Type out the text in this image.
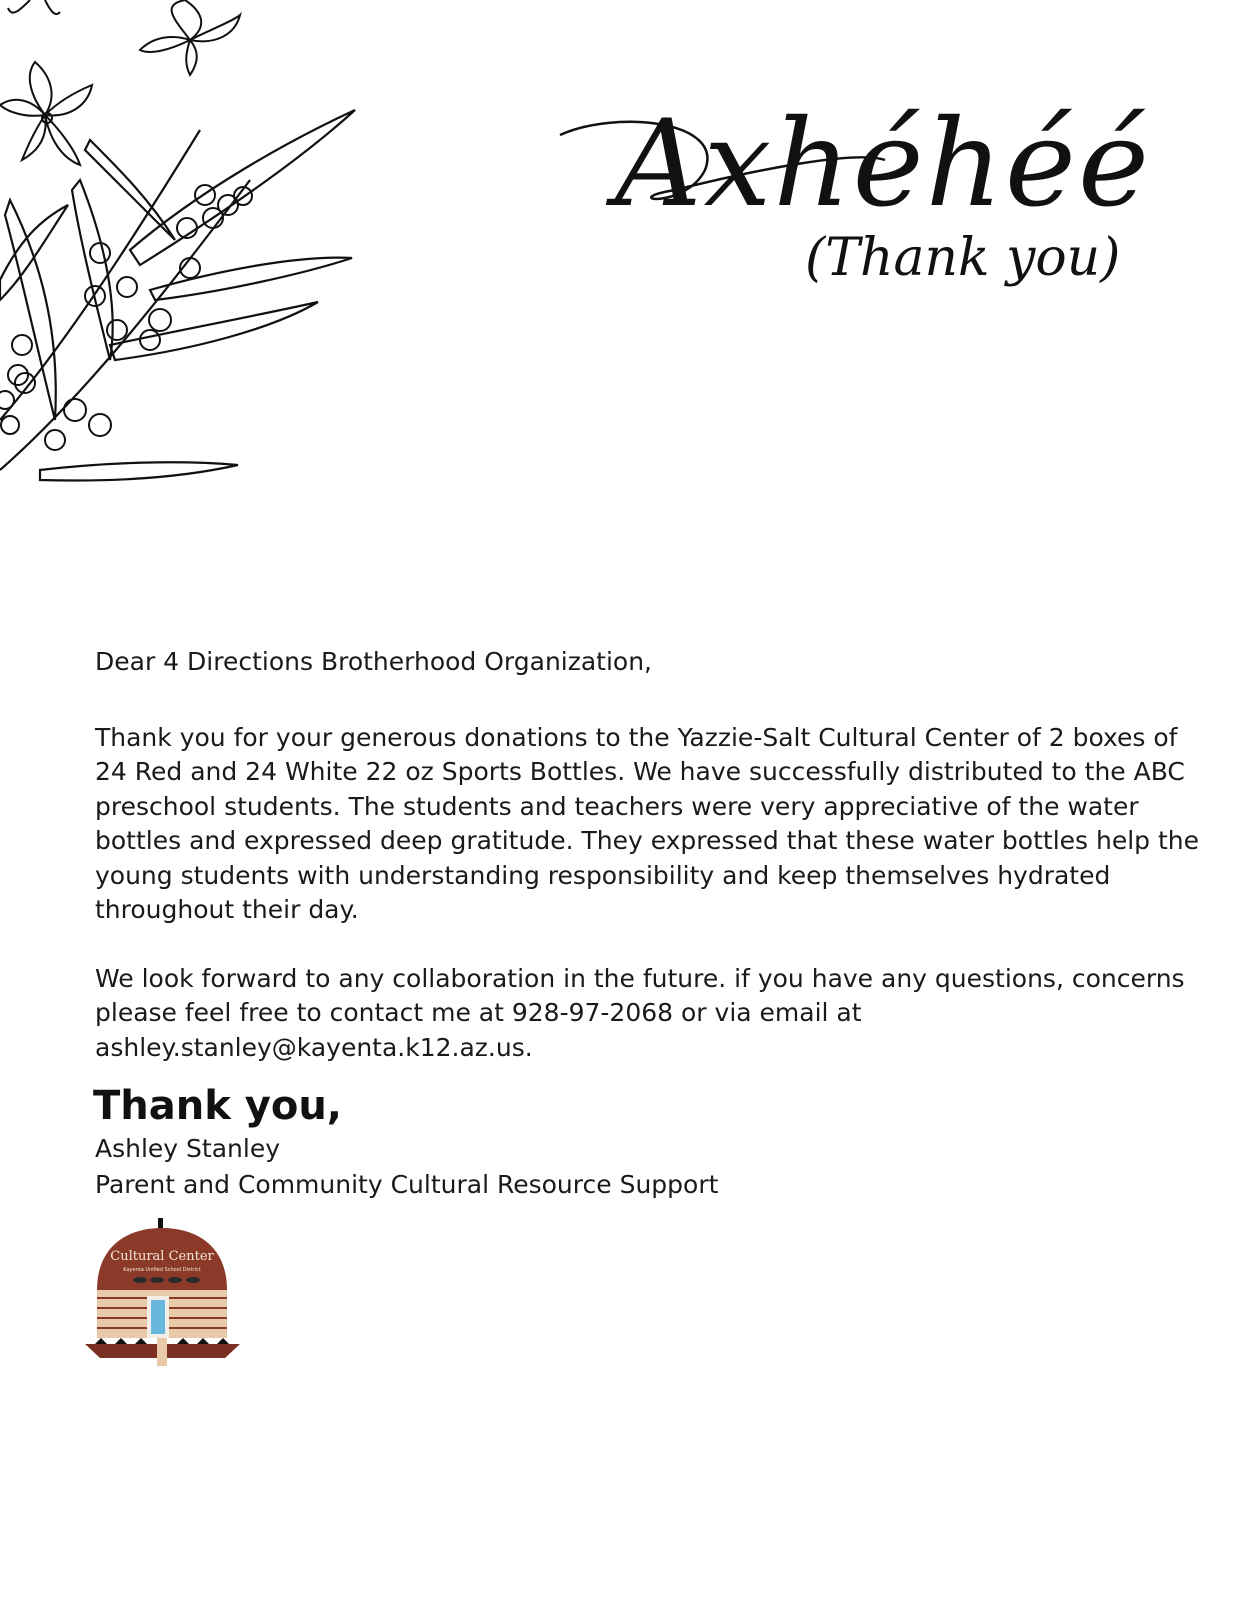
Axhéhéé
(Thank you)

Dear 4 Directions Brotherhood Organization,

Thank you for your generous donations to the Yazzie-Salt Cultural Center of 2 boxes of 24 Red and 24 White 22 oz Sports Bottles. We have successfully distributed to the ABC preschool students. The students and teachers were very appreciative of the water bottles and expressed deep gratitude. They expressed that these water bottles help the young students with understanding responsibility and keep themselves hydrated throughout their day.

We look forward to any collaboration in the future. if you have any questions, concerns please feel free to contact me at 928-97-2068 or via email at ashley.stanley@kayenta.k12.az.us.

Thank you,
Ashley Stanley
Parent and Community Cultural Resource Support
Cultural Center
Kayenta Unified School District
